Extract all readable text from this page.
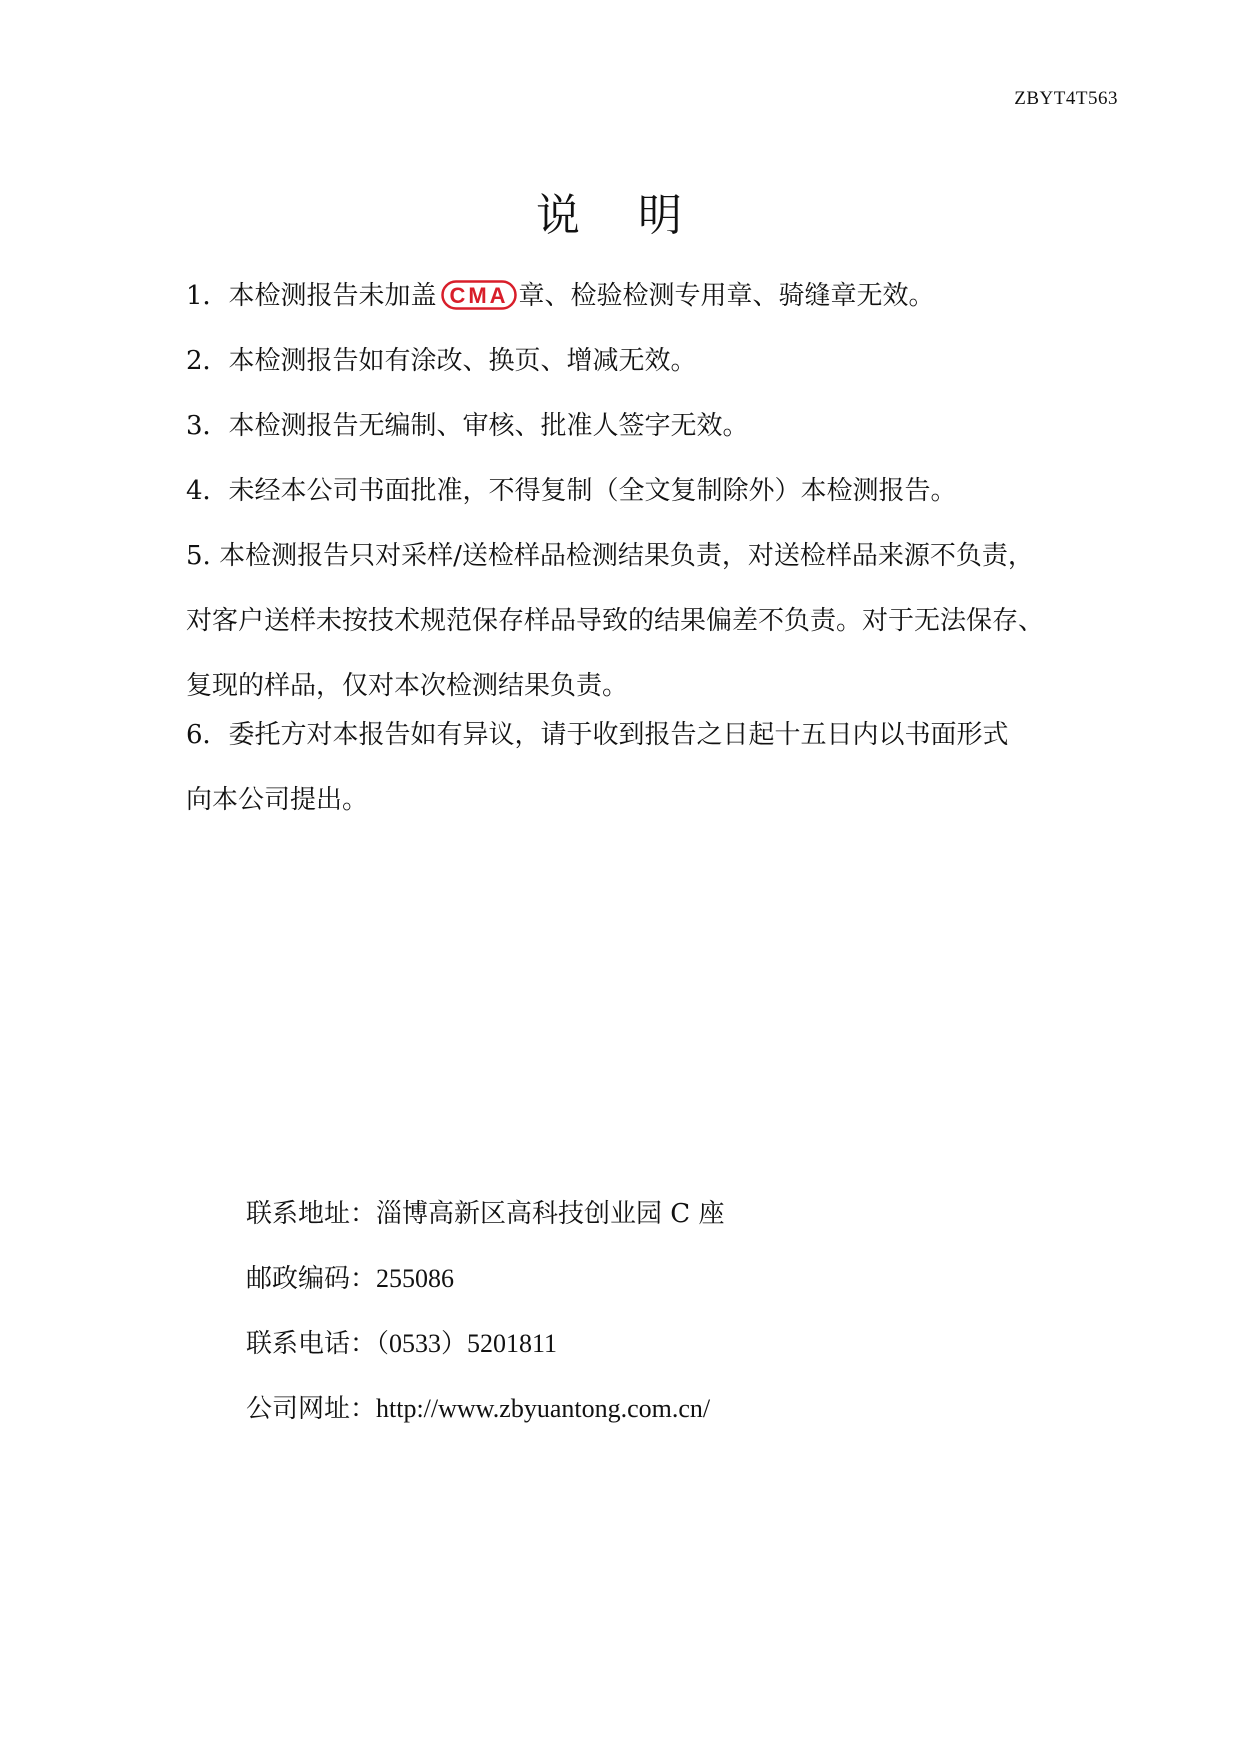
ZBYT4T563
说 明

1．本检测报告未加盖 CMA 章、检验检测专用章、骑缝章无效。

2．本检测报告如有涂改、换页、增减无效。

3．本检测报告无编制、审核、批准人签字无效。

4．未经本公司书面批准，不得复制（全文复制除外）本检测报告。

5. 本检测报告只对采样/送检样品检测结果负责，对送检样品来源不负责，
对客户送样未按技术规范保存样品导致的结果偏差不负责。对于无法保存、
复现的样品，仅对本次检测结果负责。

6．委托方对本报告如有异议，请于收到报告之日起十五日内以书面形式
向本公司提出。

联系地址：淄博高新区高科技创业园 C 座
邮政编码：255086
联系电话：（0533）5201811
公司网址：http://www.zbyuantong.com.cn/
